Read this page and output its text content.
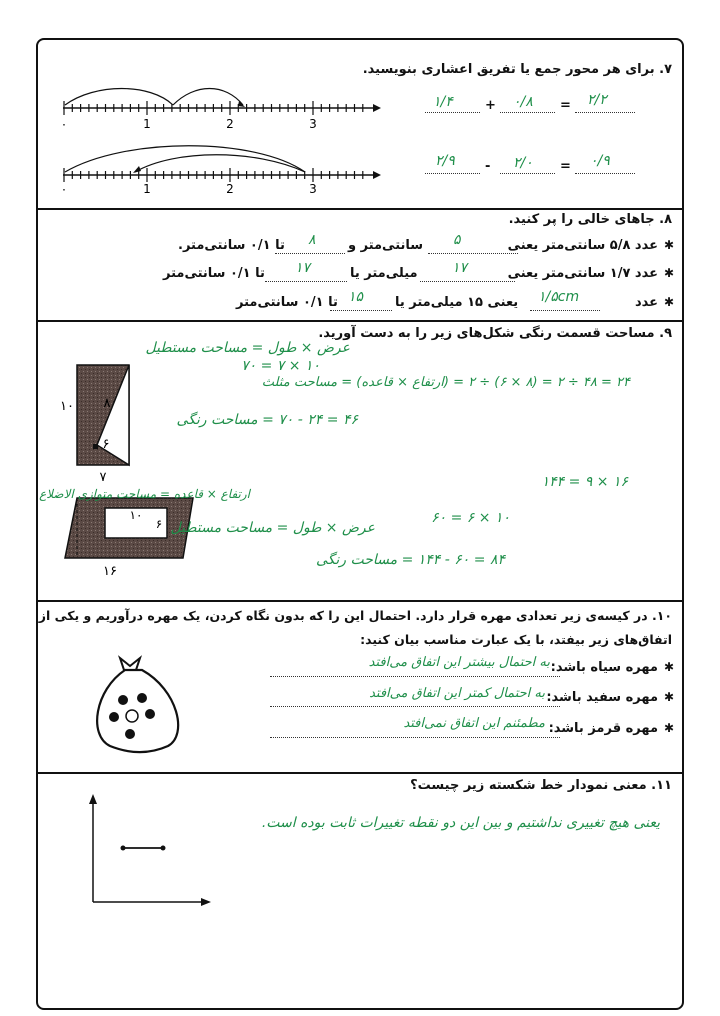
۷. برای هر محور جمع یا تفریق اعشاری بنویسید.
۰	1	2	3
۱/۴ + ۰/۸ = ۲/۲
۰	1	2	3
۲/۹ - ۲/۰ = ۰/۹
۸. جاهای خالی را پر کنید.
✱
عدد ۵/۸ سانتی‌متر یعنی
۵
سانتی‌متر و
۸
تا ۰/۱ سانتی‌متر.
✱
عدد ۱/۷ سانتی‌متر یعنی
۱۷
میلی‌متر یا
۱۷
تا ۰/۱ سانتی‌متر
✱
عدد
۱/۵cm
یعنی ۱۵ میلی‌متر یا
۱۵
تا ۰/۱ سانتی‌متر
۹. مساحت قسمت رنگی شکل‌های زیر را به دست آورید.
۱۰ ۸
۶
۷
عرض × طول = مساحت مستطیل
۱۰ × ۷ = ۷۰
۲۴ = ۴۸ ÷ ۲ = (۸ × ۶) ÷ ۲ = (ارتفاع × قاعده) = مساحت مثلث
۴۶ = ۲۴ - ۷۰ = مساحت رنگی
۱۰
۶
۱۶
ارتفاع × قاعده = مساحت متوازی الاضلاع
۱۶ × ۹ = ۱۴۴
عرض × طول = مساحت مستطیل
۱۰ × ۶ = ۶۰
۸۴ = ۶۰ - ۱۴۴ = مساحت رنگی
۱۰. در کیسه‌ی زیر تعدادی مهره قرار دارد. احتمال این را که بدون نگاه کردن، یک مهره درآوریم و یکی از
اتفاق‌های زیر بیفتد، با یک عبارت مناسب بیان کنید:
✱
مهره سیاه باشد:
به احتمال بیشتر این اتفاق می‌افتد
✱
مهره سفید باشد:
به احتمال کمتر این اتفاق می‌افتد
✱
مهره قرمز باشد:
مطمئنم این اتفاق نمی‌افتد
۱۱. معنی نمودار خط شکسته زیر چیست؟
یعنی هیچ تغییری نداشتیم و بین این دو نقطه تغییرات ثابت بوده است.
